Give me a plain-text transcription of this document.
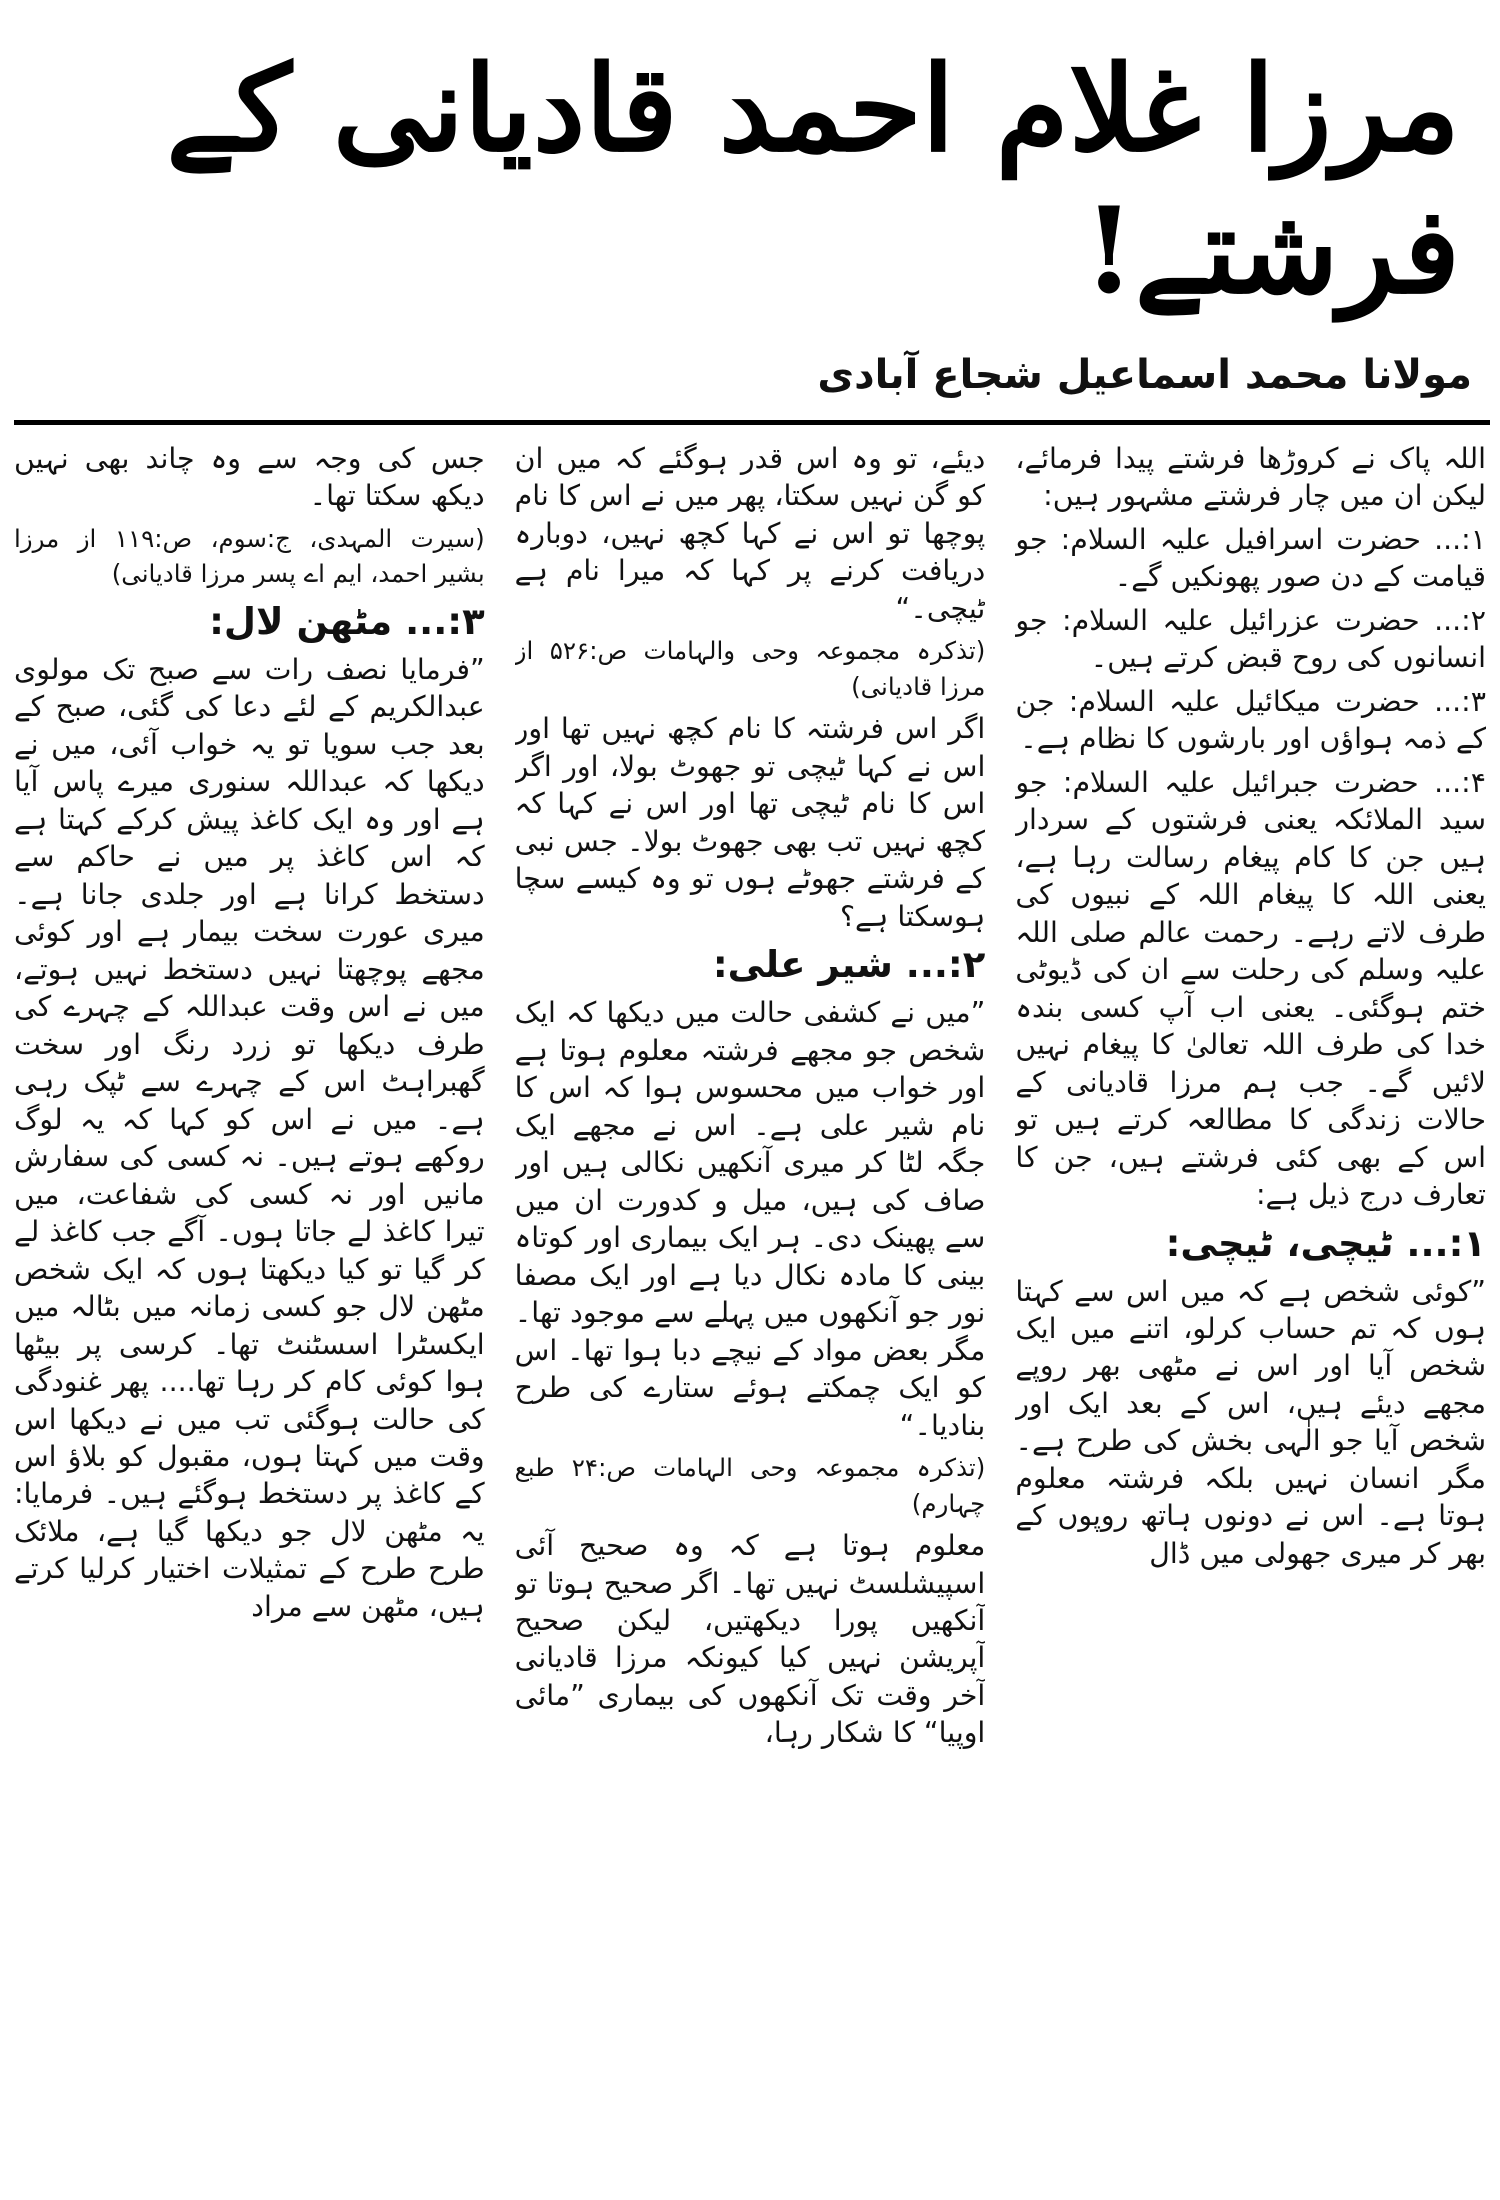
مرزا غلام احمد قادیانی کے فرشتے!
مولانا محمد اسماعیل شجاع آبادی

اللہ پاک نے کروڑھا فرشتے پیدا فرمائے، لیکن ان میں چار فرشتے مشہور ہیں:

۱:... حضرت اسرافیل علیہ السلام: جو قیامت کے دن صور پھونکیں گے۔

۲:... حضرت عزرائیل علیہ السلام: جو انسانوں کی روح قبض کرتے ہیں۔

۳:... حضرت میکائیل علیہ السلام: جن کے ذمہ ہواؤں اور بارشوں کا نظام ہے۔

۴:... حضرت جبرائیل علیہ السلام: جو سید الملائکہ یعنی فرشتوں کے سردار ہیں جن کا کام پیغام رسالت رہا ہے، یعنی اللہ کا پیغام اللہ کے نبیوں کی طرف لاتے رہے۔ رحمت عالم صلی اللہ علیہ وسلم کی رحلت سے ان کی ڈیوٹی ختم ہوگئی۔ یعنی اب آپ کسی بندہ خدا کی طرف اللہ تعالیٰ کا پیغام نہیں لائیں گے۔ جب ہم مرزا قادیانی کے حالات زندگی کا مطالعہ کرتے ہیں تو اس کے بھی کئی فرشتے ہیں، جن کا تعارف درج ذیل ہے:

۱:... ٹیچی، ٹیچی:

”کوئی شخص ہے کہ میں اس سے کہتا ہوں کہ تم حساب کرلو، اتنے میں ایک شخص آیا اور اس نے مٹھی بھر روپے مجھے دیئے ہیں، اس کے بعد ایک اور شخص آیا جو الٰہی بخش کی طرح ہے۔ مگر انسان نہیں بلکہ فرشتہ معلوم ہوتا ہے۔ اس نے دونوں ہاتھ روپوں کے بھر کر میری جھولی میں ڈال

دیئے، تو وہ اس قدر ہوگئے کہ میں ان کو گن نہیں سکتا، پھر میں نے اس کا نام پوچھا تو اس نے کہا کچھ نہیں، دوبارہ دریافت کرنے پر کہا کہ میرا نام ہے ٹیچی۔“

(تذکرہ مجموعہ وحی والہامات ص:۵۲۶ از مرزا قادیانی)

اگر اس فرشتہ کا نام کچھ نہیں تھا اور اس نے کہا ٹیچی تو جھوٹ بولا، اور اگر اس کا نام ٹیچی تھا اور اس نے کہا کہ کچھ نہیں تب بھی جھوٹ بولا۔ جس نبی کے فرشتے جھوٹے ہوں تو وہ کیسے سچا ہوسکتا ہے؟

۲:... شیر علی:

”میں نے کشفی حالت میں دیکھا کہ ایک شخص جو مجھے فرشتہ معلوم ہوتا ہے اور خواب میں محسوس ہوا کہ اس کا نام شیر علی ہے۔ اس نے مجھے ایک جگہ لٹا کر میری آنکھیں نکالی ہیں اور صاف کی ہیں، میل و کدورت ان میں سے پھینک دی۔ ہر ایک بیماری اور کوتاہ بینی کا مادہ نکال دیا ہے اور ایک مصفا نور جو آنکھوں میں پہلے سے موجود تھا۔ مگر بعض مواد کے نیچے دبا ہوا تھا۔ اس کو ایک چمکتے ہوئے ستارے کی طرح بنادیا۔“

(تذکرہ مجموعہ وحی الہامات ص:۲۴ طبع چہارم)

معلوم ہوتا ہے کہ وہ صحیح آئی اسپیشلسٹ نہیں تھا۔ اگر صحیح ہوتا تو آنکھیں پورا دیکھتیں، لیکن صحیح آپریشن نہیں کیا کیونکہ مرزا قادیانی آخر وقت تک آنکھوں کی بیماری ”مائی اوپیا“ کا شکار رہا،

جس کی وجہ سے وہ چاند بھی نہیں دیکھ سکتا تھا۔

(سیرت المہدی، ج:سوم، ص:۱۱۹ از مرزا بشیر احمد، ایم اے پسر مرزا قادیانی)

۳:... مٹھن لال:

”فرمایا نصف رات سے صبح تک مولوی عبدالکریم کے لئے دعا کی گئی، صبح کے بعد جب سویا تو یہ خواب آئی، میں نے دیکھا کہ عبداللہ سنوری میرے پاس آیا ہے اور وہ ایک کاغذ پیش کرکے کہتا ہے کہ اس کاغذ پر میں نے حاکم سے دستخط کرانا ہے اور جلدی جانا ہے۔ میری عورت سخت بیمار ہے اور کوئی مجھے پوچھتا نہیں دستخط نہیں ہوتے، میں نے اس وقت عبداللہ کے چہرے کی طرف دیکھا تو زرد رنگ اور سخت گھبراہٹ اس کے چہرے سے ٹپک رہی ہے۔ میں نے اس کو کہا کہ یہ لوگ روکھے ہوتے ہیں۔ نہ کسی کی سفارش مانیں اور نہ کسی کی شفاعت، میں تیرا کاغذ لے جاتا ہوں۔ آگے جب کاغذ لے کر گیا تو کیا دیکھتا ہوں کہ ایک شخص مٹھن لال جو کسی زمانہ میں بٹالہ میں ایکسٹرا اسسٹنٹ تھا۔ کرسی پر بیٹھا ہوا کوئی کام کر رہا تھا.... پھر غنودگی کی حالت ہوگئی تب میں نے دیکھا اس وقت میں کہتا ہوں، مقبول کو بلاؤ اس کے کاغذ پر دستخط ہوگئے ہیں۔ فرمایا: یہ مٹھن لال جو دیکھا گیا ہے، ملائک طرح طرح کے تمثیلات اختیار کرلیا کرتے ہیں، مٹھن سے مراد
